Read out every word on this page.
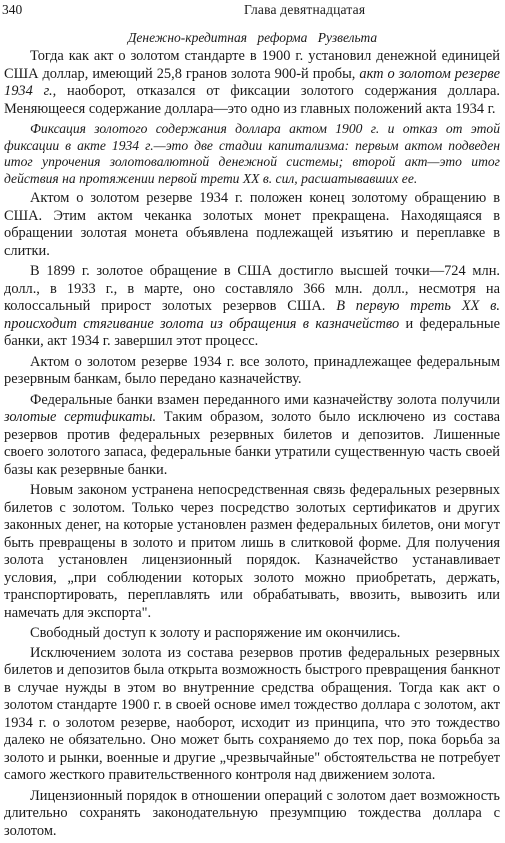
340	Глава девятнадцатая
Денежно-кредитная реформа Рузвельта

Тогда как акт о золотом стандарте в 1900 г. установил денежной единицей США доллар, имеющий 25,8 гранов золота 900-й пробы, акт о золотом резерве 1934 г., наоборот, отказался от фиксации золотого содержания доллара. Меняющееся содержание доллара—это одно из главных положений акта 1934 г.

Фиксация золотого содержания доллара актом 1900 г. и отказ от этой фиксации в акте 1934 г.—это две стадии капитализма: первым актом подведен итог упрочения золотовалютной денежной системы; второй акт—это итог действия на протяжении первой трети XX в. сил, расшатывавших ее.

Актом о золотом резерве 1934 г. положен конец золотому обращению в США. Этим актом чеканка золотых монет прекращена. Находящаяся в обращении золотая монета объявлена подлежащей изъятию и переплавке в слитки.

В 1899 г. золотое обращение в США достигло высшей точки—724 млн. долл., в 1933 г., в марте, оно составляло 366 млн. долл., несмотря на колоссальный прирост золотых резервов США. В первую треть XX в. происходит стягивание золота из обращения в казначейство и федеральные банки, акт 1934 г. завершил этот процесс.

Актом о золотом резерве 1934 г. все золото, принадлежащее федеральным резервным банкам, было передано казначейству.

Федеральные банки взамен переданного ими казначейству золота получили золотые сертификаты. Таким образом, золото было исключено из состава резервов против федеральных резервных билетов и депозитов. Лишенные своего золотого запаса, федеральные банки утратили существенную часть своей базы как резервные банки.

Новым законом устранена непосредственная связь федеральных резервных билетов с золотом. Только через посредство золотых сертификатов и других законных денег, на которые установлен размен федеральных билетов, они могут быть превращены в золото и притом лишь в слитковой форме. Для получения золота установлен лицензионный порядок. Казначейство устанавливает условия, „при соблюдении которых золото можно приобретать, держать, транспортировать, переплавлять или обрабатывать, ввозить, вывозить или намечать для экспорта".

Свободный доступ к золоту и распоряжение им окончились.

Исключением золота из состава резервов против федеральных резервных билетов и депозитов была открыта возможность быстрого превращения банкнот в случае нужды в этом во внутренние средства обращения. Тогда как акт о золотом стандарте 1900 г. в своей основе имел тождество доллара с золотом, акт 1934 г. о золотом резерве, наоборот, исходит из принципа, что это тождество далеко не обязательно. Оно может быть сохраняемо до тех пор, пока борьба за золото и рынки, военные и другие „чрезвычайные" обстоятельства не потребует самого жесткого правительственного контроля над движением золота.

Лицензионный порядок в отношении операций с золотом дает возможность длительно сохранять законодательную презумпцию тождества доллара с золотом.
